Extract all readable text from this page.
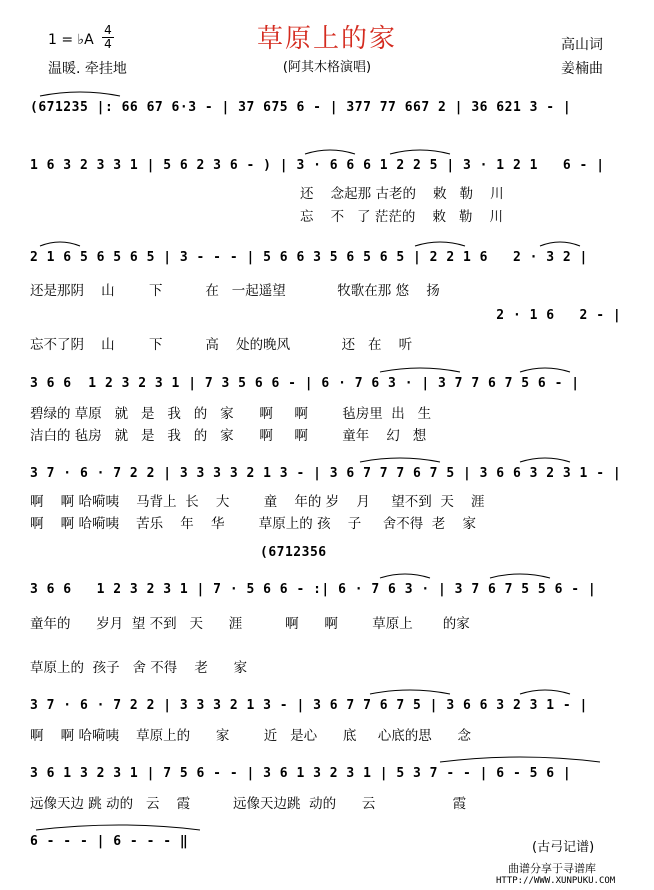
1 = ♭A
4
4	草原上的家	高山词
温暖. 牵挂地	(阿其木格演唱)	姜楠曲
(671235 |: 66 67 6·3 - | 37 675 6 - | 377 77 667 2 | 36 621 3 - |
1 6 3 2 3 3 1 | 5 6 2 3 6 - ) | 3 · 6 6 6 1 2 2 5 | 3 · 1 2 1   6 - |
还    念起那 古老的    敕   勒    川
忘    不   了 茫茫的    敕   勒    川
2 1 6 5 6 5 6 5 | 3 - - - | 5 6 6 3 5 6 5 6 5 | 2 2 1 6   2 · 3 2 |
还是那阴    山        下          在   一起遥望            牧歌在那 悠    扬
2 · 1 6   2 - |
忘不了阴    山        下          高    处的晚风            还   在    听
3 6 6  1 2 3 2 3 1 | 7 3 5 6 6 - | 6 · 7 6 3 · | 3 7 7 6 7 5 6 - |
碧绿的 草原   就   是   我   的   家      啊     啊        毡房里  出   生
洁白的 毡房   就   是   我   的   家      啊     啊        童年    幻   想
3 7 · 6 · 7 2 2 | 3 3 3 3 2 1 3 - | 3 6 7 7 7 6 7 5 | 3 6 6 3 2 3 1 - |
啊    啊 哈嗬咦    马背上  长    大        童    年的 岁    月     望不到  天    涯
啊    啊 哈嗬咦    苦乐    年    华        草原上的 孩    子     舍不得  老    家
(6712356
3 6 6   1 2 3 2 3 1 | 7 · 5 6 6 - :| 6 · 7 6 3 · | 3 7 6 7 5 5 6 - |
童年的      岁月  望 不到   天      涯          啊      啊        草原上       的家
草原上的  孩子   舍 不得    老      家
3 7 · 6 · 7 2 2 | 3 3 3 2 1 3 - | 3 6 7 7 6 7 5 | 3 6 6 3 2 3 1 - |
啊    啊 哈嗬咦    草原上的      家        近   是心      底     心底的思      念
3 6 1 3 2 3 1 | 7 5 6 - - | 3 6 1 3 2 3 1 | 5 3 7 - - | 6 - 5 6 |
远像天边 跳 动的   云    霞          远像天边跳  动的      云                  霞
6 - - - | 6 - - - ‖	(古弓记谱)
曲谱分享于寻谱库
HTTP://WWW.XUNPUKU.COM
